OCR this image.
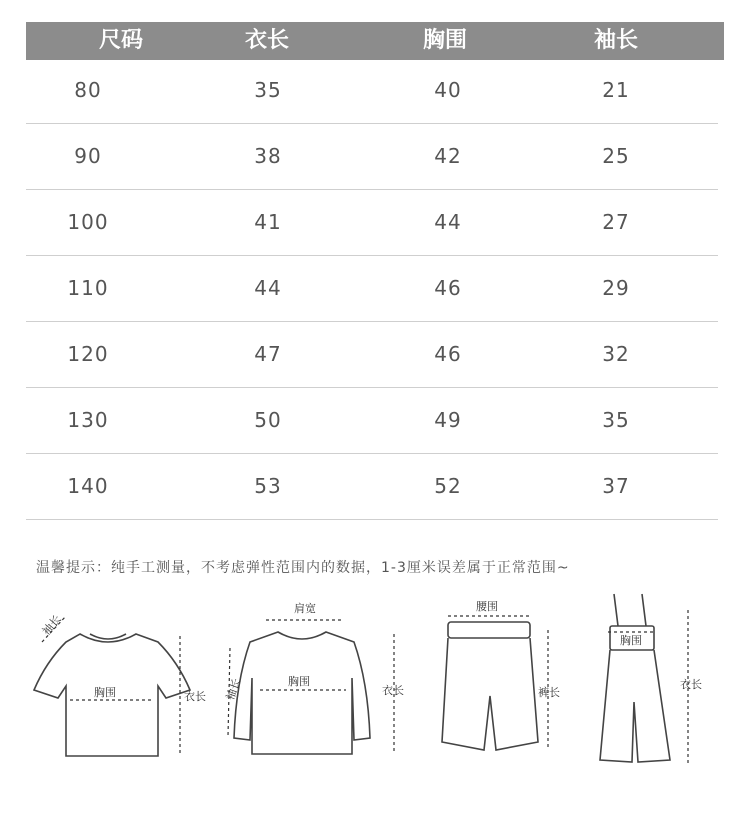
尺码	衣长	胸围	袖长
80	35	40	21
90	38	42	25
100	41	44	27
110	44	46	29
120	47	46	32
130	50	49	35
140	53	52	37
温馨提示：纯手工测量，不考虑弹性范围内的数据，1-3厘米误差属于正常范围~
袖长
胸围	衣长
肩宽
胸围
衣长
袖长
腰围
裤长
胸围
衣长
